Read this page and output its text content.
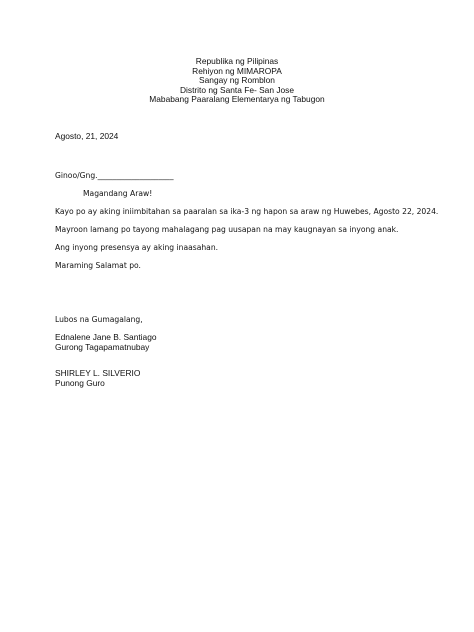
Republika ng Pilipinas
Rehiyon ng MIMAROPA
Sangay ng Romblon
Distrito ng Santa Fe- San Jose
Mababang Paaralang Elementarya ng Tabugon
Agosto, 21, 2024
Ginoo/Gng.____________________
Magandang Araw!
Kayo po ay aking iniimbitahan sa paaralan sa ika-3 ng hapon sa araw ng Huwebes, Agosto 22, 2024.
Mayroon lamang po tayong mahalagang pag uusapan na may kaugnayan sa inyong anak.
Ang inyong presensya ay aking inaasahan.
Maraming Salamat po.
Lubos na Gumagalang,
Ednalene Jane B. Santiago
Gurong Tagapamatnubay
SHIRLEY L. SILVERIO
Punong Guro
